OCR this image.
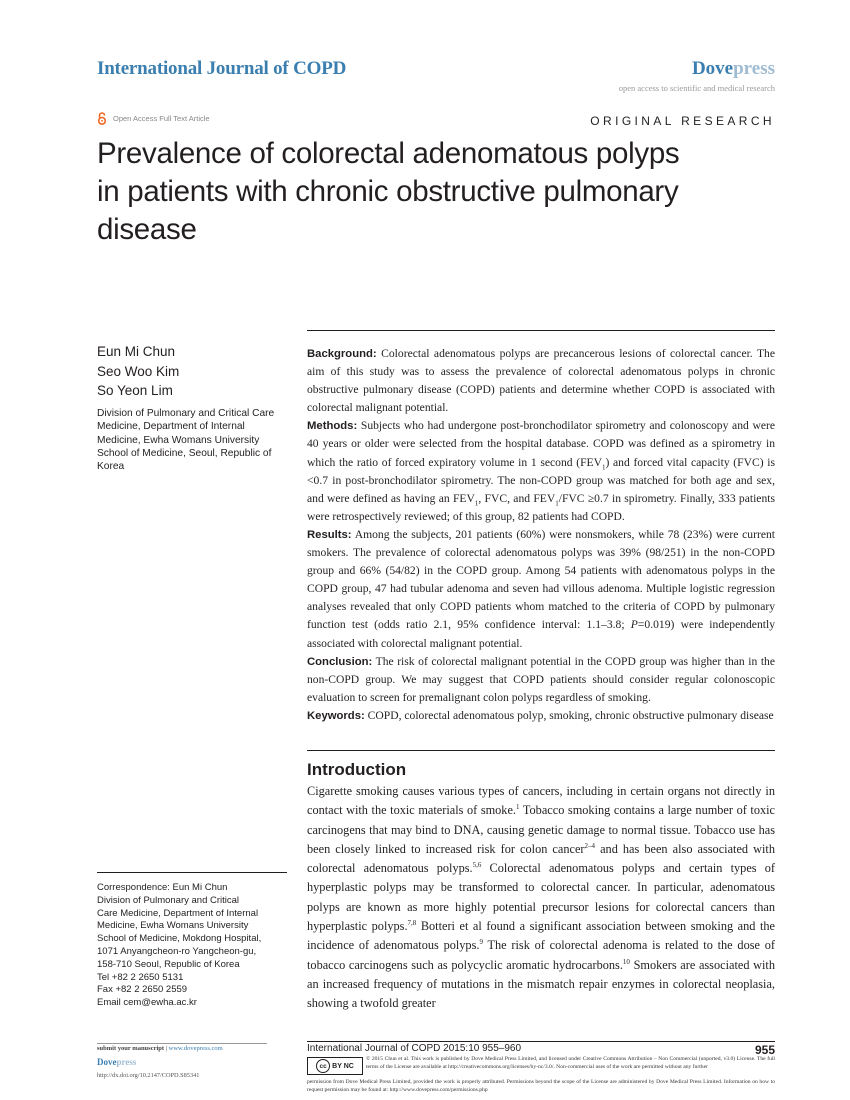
International Journal of COPD	Dovepress
open access to scientific and medical research
Open Access Full Text Article	ORIGINAL RESEARCH
Prevalence of colorectal adenomatous polyps
in patients with chronic obstructive pulmonary
disease
Eun Mi Chun
Seo Woo Kim
So Yeon Lim
Division of Pulmonary and Critical Care Medicine, Department of Internal Medicine, Ewha Womans University School of Medicine, Seoul, Republic of Korea
Correspondence: Eun Mi Chun
Division of Pulmonary and Critical
Care Medicine, Department of Internal
Medicine, Ewha Womans University
School of Medicine, Mokdong Hospital,
1071 Anyangcheon-ro Yangcheon-gu,
158-710 Seoul, Republic of Korea
Tel +82 2 2650 5131
Fax +82 2 2650 2559
Email cem@ewha.ac.kr

Background: Colorectal adenomatous polyps are precancerous lesions of colorectal cancer. The aim of this study was to assess the prevalence of colorectal adenomatous polyps in chronic obstructive pulmonary disease (COPD) patients and determine whether COPD is associated with colorectal malignant potential.

Methods: Subjects who had undergone post-bronchodilator spirometry and colonoscopy and were 40 years or older were selected from the hospital database. COPD was defined as a spirometry in which the ratio of forced expiratory volume in 1 second $(FEV_1)$ and forced vital capacity (FVC) is <0.7 in post-bronchodilator spirometry. The non-COPD group was matched for both age and sex, and were defined as having an $FEV_1$, FVC, and $FEV_1$/FVC ≥0.7 in spirometry. Finally, 333 patients were retrospectively reviewed; of this group, 82 patients had COPD.

Results: Among the subjects, 201 patients (60%) were nonsmokers, while 78 (23%) were current smokers. The prevalence of colorectal adenomatous polyps was 39% (98/251) in the non-COPD group and 66% (54/82) in the COPD group. Among 54 patients with adenomatous polyps in the COPD group, 47 had tubular adenoma and seven had villous adenoma. Multiple logistic regression analyses revealed that only COPD patients whom matched to the criteria of COPD by pulmonary function test (odds ratio 2.1, 95% confidence interval: 1.1–3.8; P=0.019) were independently associated with colorectal malignant potential.

Conclusion: The risk of colorectal malignant potential in the COPD group was higher than in the non-COPD group. We may suggest that COPD patients should consider regular colonoscopic evaluation to screen for premalignant colon polyps regardless of smoking.

Keywords: COPD, colorectal adenomatous polyp, smoking, chronic obstructive pulmonary disease

Introduction

Cigarette smoking causes various types of cancers, including in certain organs not directly in contact with the toxic materials of smoke.$^1$ Tobacco smoking contains a large number of toxic carcinogens that may bind to DNA, causing genetic damage to normal tissue. Tobacco use has been closely linked to increased risk for colon cancer$^{2-4}$ and has been also associated with colorectal adenomatous polyps.$^{5,6}$ Colorectal adenomatous polyps and certain types of hyperplastic polyps may be transformed to colorectal cancer. In particular, adenomatous polyps are known as more highly potential precursor lesions for colorectal cancers than hyperplastic polyps.$^{7,8}$ Botteri et al found a significant association between smoking and the incidence of adenomatous polyps.$^9$ The risk of colorectal adenoma is related to the dose of tobacco carcinogens such as polycyclic aromatic hydrocarbons.$^{10}$ Smokers are associated with an increased frequency of mutations in the mismatch repair enzymes in colorectal neoplasia, showing a twofold greater

submit your manuscript | www.dovepress.com
Dovepress
http://dx.doi.org/10.2147/COPD.S85341
International Journal of COPD 2015:10 955–960	955
cc BY NC
© 2015 Chun et al. This work is published by Dove Medical Press Limited, and licensed under Creative Commons Attribution – Non Commercial (unported, v3.0) License. The full terms of the License are available at http://creativecommons.org/licenses/by-nc/3.0/. Non-commercial uses of the work are permitted without any further
permission from Dove Medical Press Limited, provided the work is properly attributed. Permissions beyond the scope of the License are administered by Dove Medical Press Limited. Information on how to request permission may be found at: http://www.dovepress.com/permissions.php
